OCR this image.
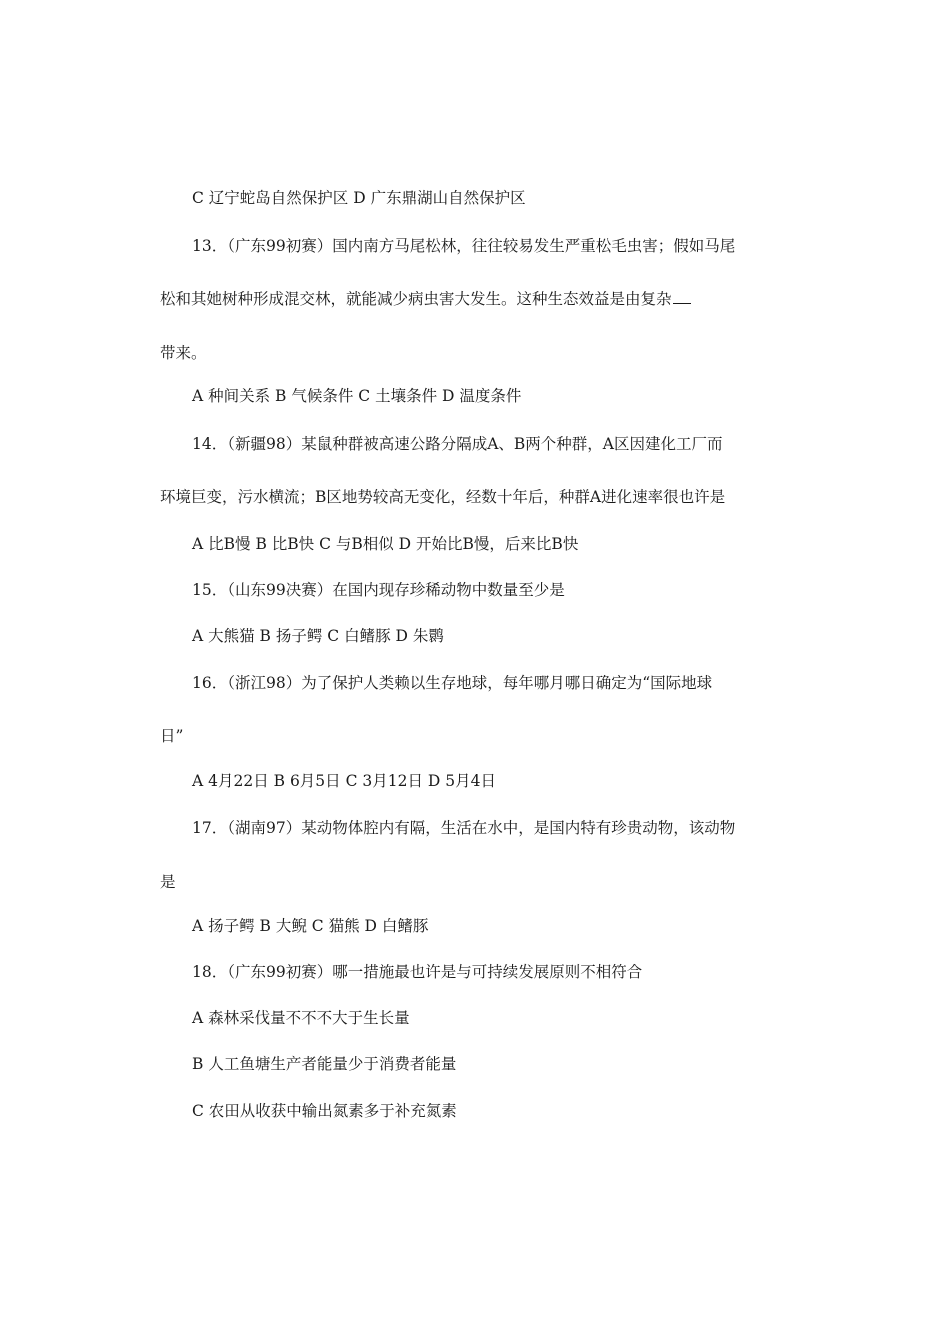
C 辽宁蛇岛自然保护区 D 广东鼎湖山自然保护区
13．（广东99初赛）国内南方马尾松林，往往较易发生严重松毛虫害；假如马尾
松和其她树种形成混交林，就能减少病虫害大发生。这种生态效益是由复杂
带来。
A 种间关系 B 气候条件 C 土壤条件 D 温度条件
14．（新疆98）某鼠种群被高速公路分隔成A、B两个种群，A区因建化工厂而
环境巨变，污水横流；B区地势较高无变化，经数十年后，种群A进化速率很也许是
A 比B慢 B 比B快 C 与B相似 D 开始比B慢，后来比B快
15．（山东99决赛）在国内现存珍稀动物中数量至少是
A 大熊猫 B 扬子鳄 C 白鳍豚 D 朱鹮
16．（浙江98）为了保护人类赖以生存地球，每年哪月哪日确定为“国际地球
日”
A 4月22日 B 6月5日 C 3月12日 D 5月4日
17．（湖南97）某动物体腔内有隔，生活在水中，是国内特有珍贵动物，该动物
是
A 扬子鳄 B 大鲵 C 猫熊 D 白鳍豚
18．（广东99初赛）哪一措施最也许是与可持续发展原则不相符合
A 森林采伐量不不不大于生长量
B 人工鱼塘生产者能量少于消费者能量
C 农田从收获中输出氮素多于补充氮素
